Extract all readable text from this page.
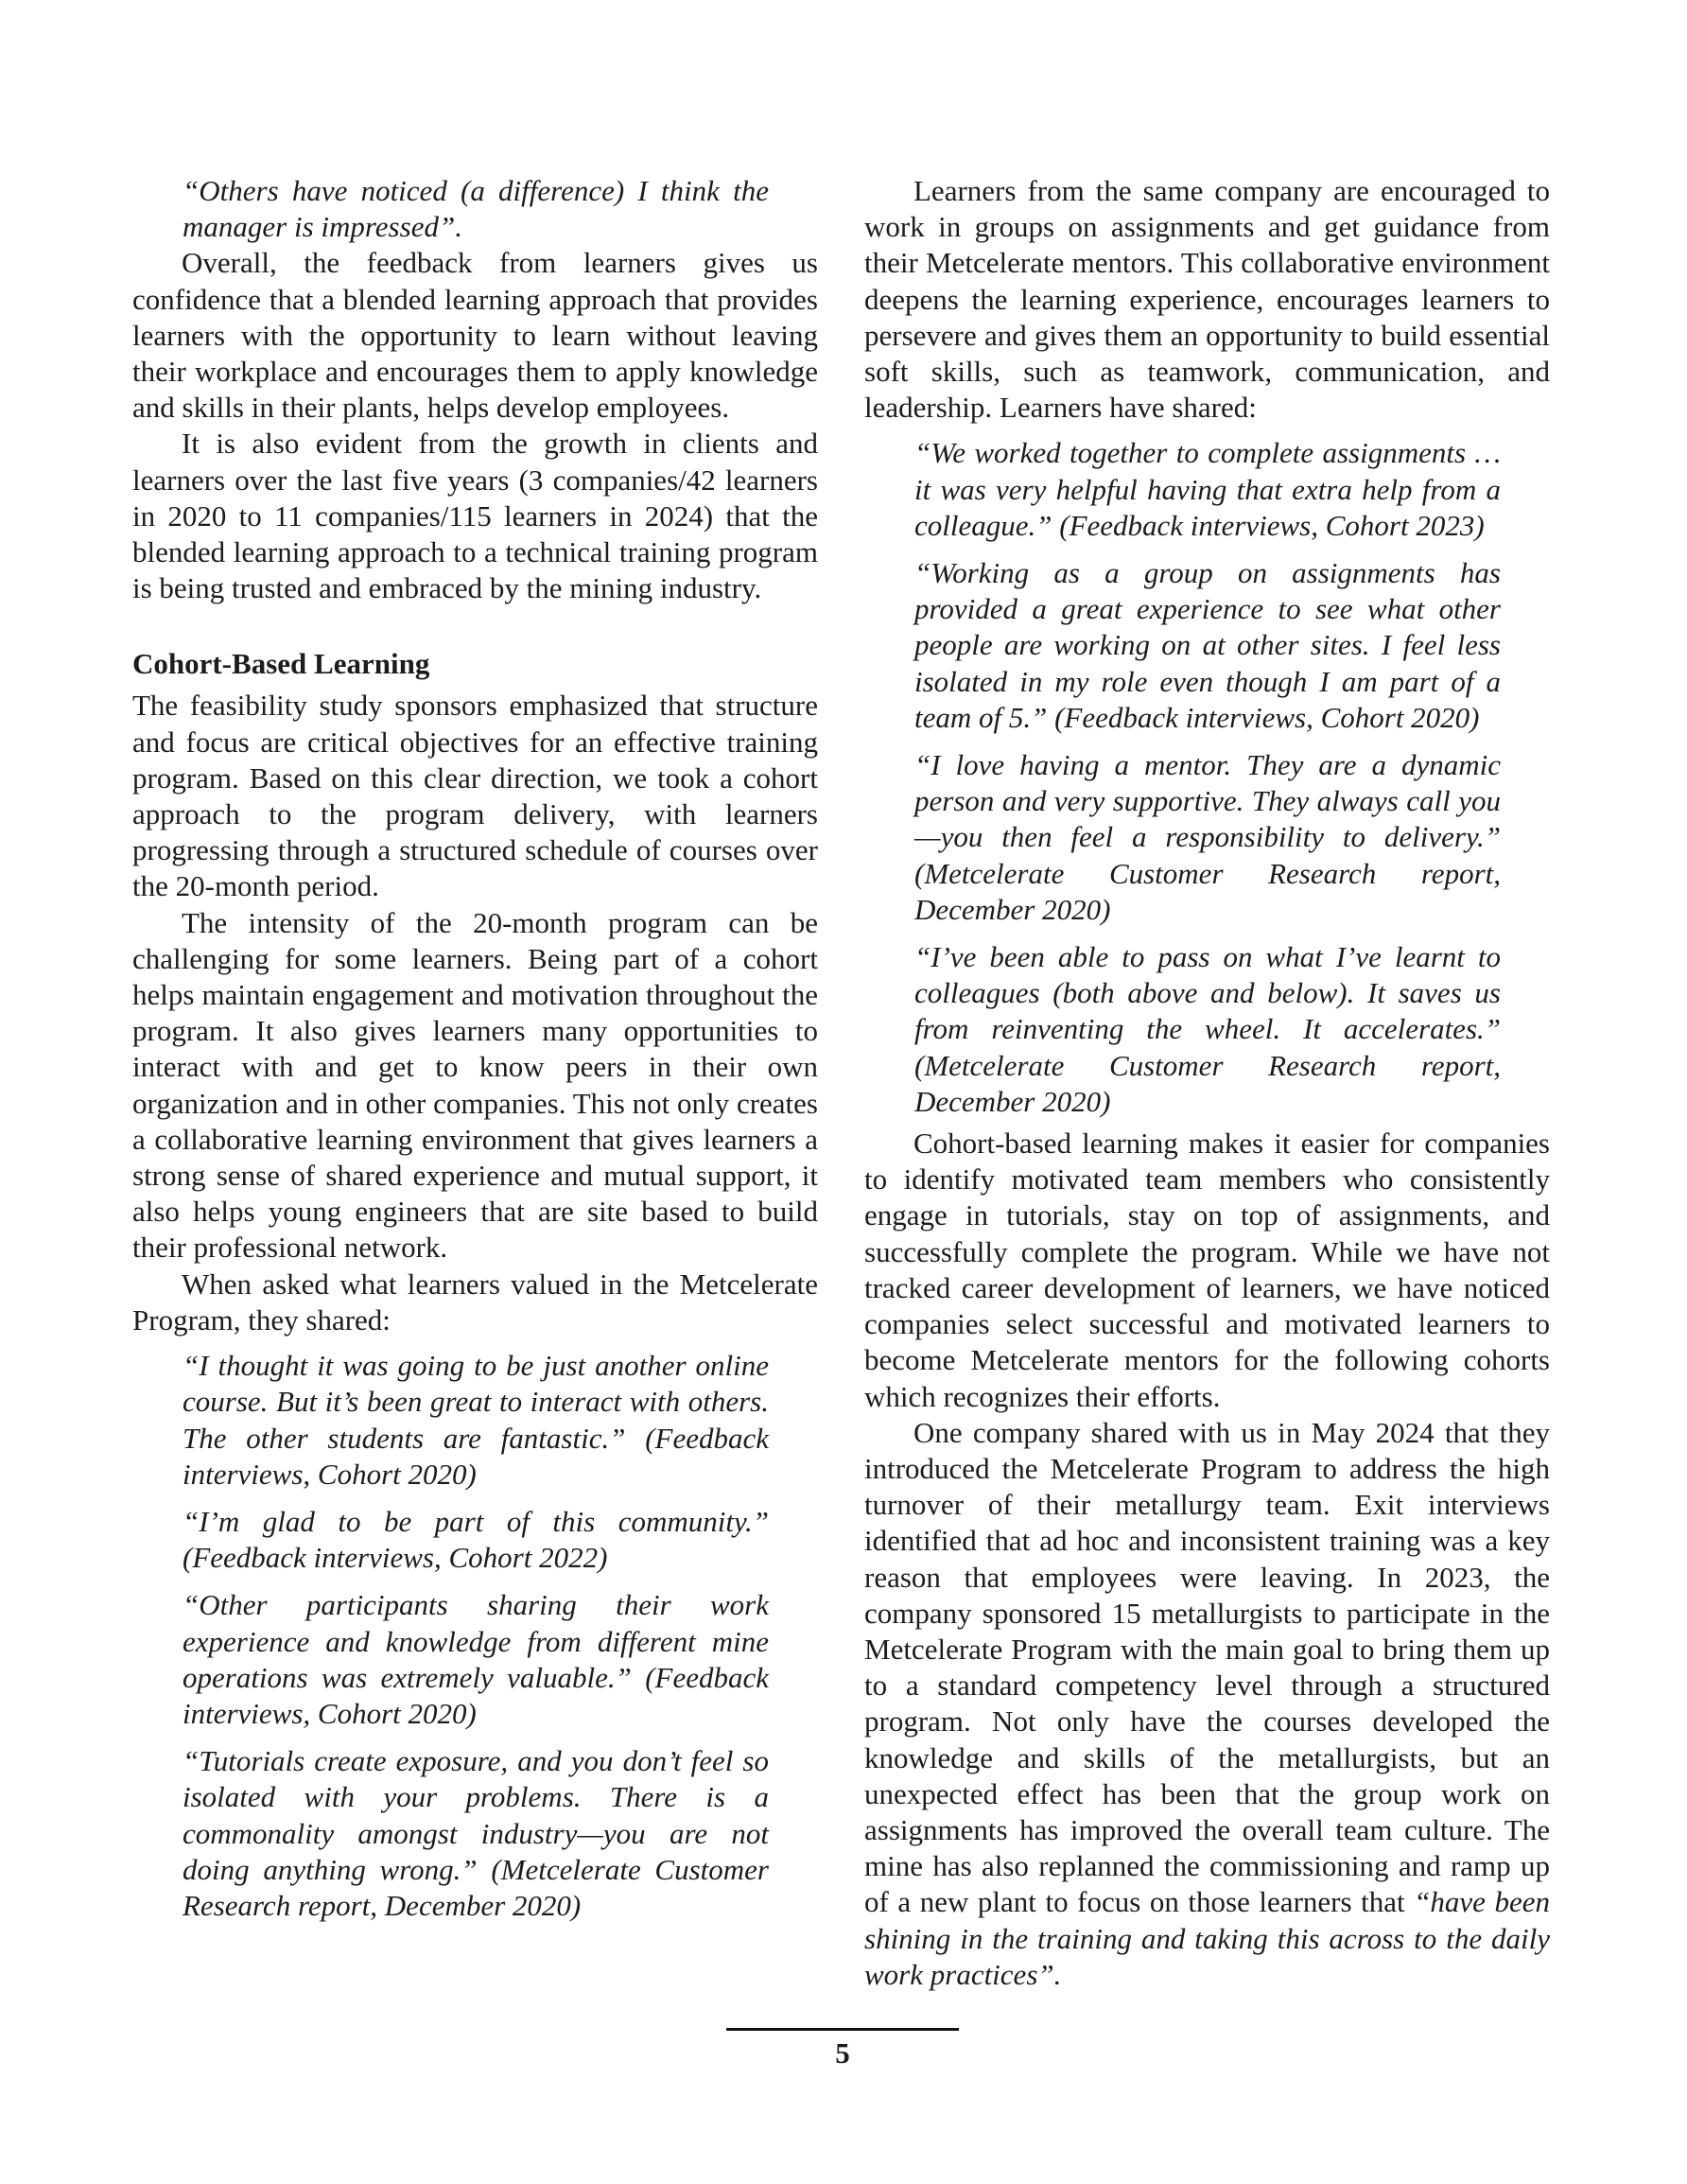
“Others have noticed (a difference) I think the manager is impressed”.

Overall, the feedback from learners gives us confidence that a blended learning approach that provides learners with the opportunity to learn without leaving their workplace and encourages them to apply knowledge and skills in their plants, helps develop employees.

It is also evident from the growth in clients and learners over the last five years (3 companies/42 learners in 2020 to 11 companies/115 learners in 2024) that the blended learning approach to a technical training program is being trusted and embraced by the mining industry.

Cohort-Based Learning

The feasibility study sponsors emphasized that structure and focus are critical objectives for an effective training program. Based on this clear direction, we took a cohort approach to the program delivery, with learners progressing through a structured schedule of courses over the 20-month period.

The intensity of the 20-month program can be challenging for some learners. Being part of a cohort helps maintain engagement and motivation throughout the program. It also gives learners many opportunities to interact with and get to know peers in their own organization and in other companies. This not only creates a collaborative learning environment that gives learners a strong sense of shared experience and mutual support, it also helps young engineers that are site based to build their professional network.

When asked what learners valued in the Metcelerate Program, they shared:

“I thought it was going to be just another online course. But it’s been great to interact with others. The other students are fantastic.” (Feedback interviews, Cohort 2020)

“I’m glad to be part of this community.” (Feedback interviews, Cohort 2022)

“Other participants sharing their work experience and knowledge from different mine operations was extremely valuable.” (Feedback interviews, Cohort 2020)

“Tutorials create exposure, and you don’t feel so isolated with your problems. There is a commonality amongst industry—you are not doing anything wrong.” (Metcelerate Customer Research report, December 2020)

Learners from the same company are encouraged to work in groups on assignments and get guidance from their Metcelerate mentors. This collaborative environment deepens the learning experience, encourages learners to persevere and gives them an opportunity to build essential soft skills, such as teamwork, communication, and leadership. Learners have shared:

“We worked together to complete assignments … it was very helpful having that extra help from a colleague.” (Feedback interviews, Cohort 2023)

“Working as a group on assignments has provided a great experience to see what other people are working on at other sites. I feel less isolated in my role even though I am part of a team of 5.” (Feedback interviews, Cohort 2020)

“I love having a mentor. They are a dynamic person and very supportive. They always call you—you then feel a responsibility to delivery.” (Metcelerate Customer Research report, December 2020)

“I’ve been able to pass on what I’ve learnt to colleagues (both above and below). It saves us from reinventing the wheel. It accelerates.” (Metcelerate Customer Research report, December 2020)

Cohort-based learning makes it easier for companies to identify motivated team members who consistently engage in tutorials, stay on top of assignments, and successfully complete the program. While we have not tracked career development of learners, we have noticed companies select successful and motivated learners to become Metcelerate mentors for the following cohorts which recognizes their efforts.

One company shared with us in May 2024 that they introduced the Metcelerate Program to address the high turnover of their metallurgy team. Exit interviews identified that ad hoc and inconsistent training was a key reason that employees were leaving. In 2023, the company sponsored 15 metallurgists to participate in the Metcelerate Program with the main goal to bring them up to a standard competency level through a structured program. Not only have the courses developed the knowledge and skills of the metallurgists, but an unexpected effect has been that the group work on assignments has improved the overall team culture. The mine has also replanned the commissioning and ramp up of a new plant to focus on those learners that “have been shining in the training and taking this across to the daily work practices”.

5
